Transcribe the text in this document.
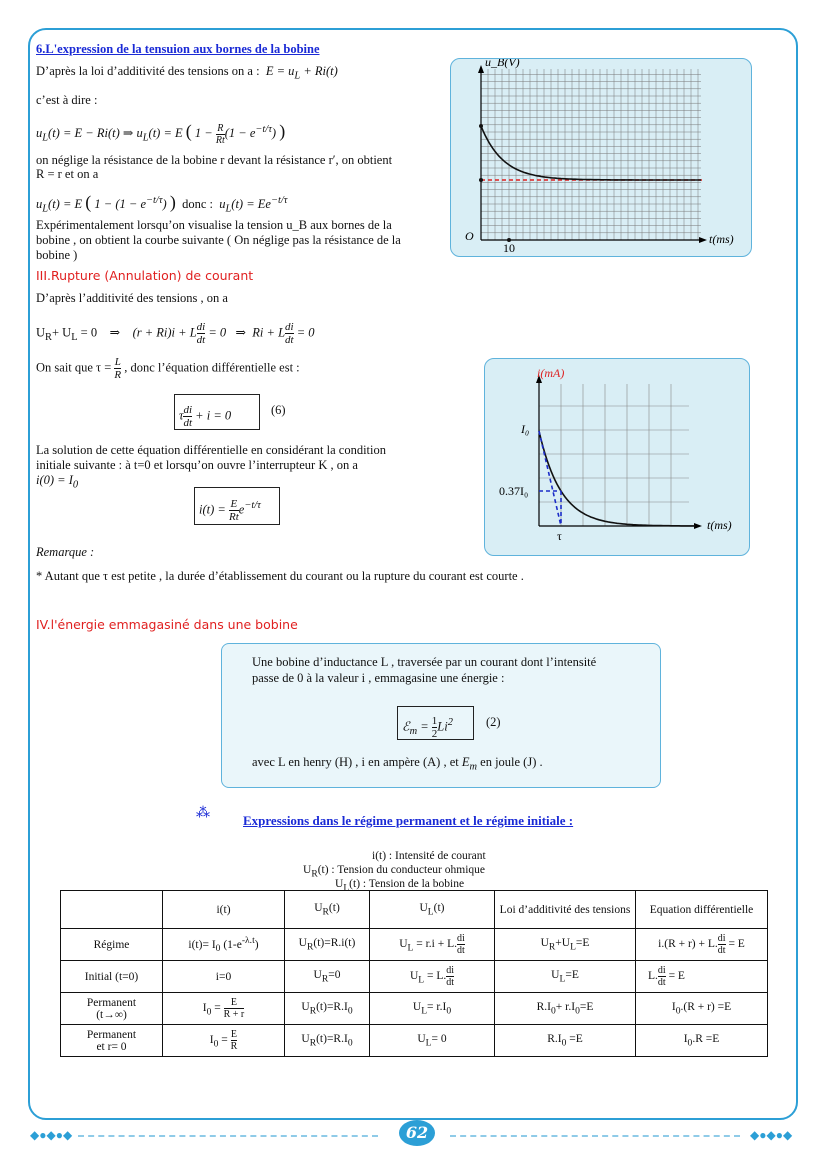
6.L'expression de la tensuion aux bornes de la bobine
D’après la loi d’additivité des tensions on a : $E = u_L + Ri(t)$
c’est à dire :
$u_L(t) = E - Ri(t)$ ⇒ $u_L(t) = E$ ( $1 - \frac{R}{Rt} (1 - e^{-t/\tau})$ )
on néglige la résistance de la bobine r devant la résistance r′, on obtient
R = r et on a
$u_L(t) = E$ ( $1 - (1 - e^{-t/\tau})$ )  donc :  $u_L(t) = Ee^{-t/\tau}$
Expérimentalement lorsqu’on visualise la tension u_B aux bornes de la
bobine , on obtient la courbe suivante ( On néglige pas la résistance de la
bobine )
u_B(V)
t(ms)
O
10
III.Rupture (Annulation) de courant
D’après l’additivité des tensions , on a
$U_R+ U_L = 0$    ⇒    (r + Ri)i + L $\frac{di}{dt} = 0$   ⇒  Ri + L $\frac{di}{dt} = 0$
On sait que $\tau = \frac{L}{R}$ , donc l’équation différentielle est :
τ $\frac{di}{dt} + i = 0$	(6)
La solution de cette équation différentielle en considérant la condition
initiale suivante : à t=0 et lorsqu’on ouvre l’interrupteur K , on a
$i(0) = I_0$
$i(t) = \frac{E}{Rt} e^{-t/\tau}$
i(mA)
t(ms)
I₀
0.37I₀
τ
Remarque :
* Autant que τ est petite , la durée d’établissement du courant ou la rupture du courant est courte .
IV.l'énergie emmagasiné dans une bobine
Une bobine d’inductance L , traversée par un courant dont l’intensité
passe de 0 à la valeur i , emmagasine une énergie :
ℰ$_m$ = $\frac{1}{2} Li^2$	(2)
avec L en henry (H) , i en ampère (A) , et $E_m$ en joule (J) .
⁂	Expressions dans le régime permanent et le régime initiale :
i(t) : Intensité de courant
$U_R(t)$ : Tension du conducteur ohmique
$U_L(t)$ : Tension de la bobine
	i(t)	$U_R(t)$	$U_L(t)$	Loi d’additivité des tensions	Equation différentielle
Régime	$i(t)= I_0$ $(1-e^{-\lambda.t})$	$U_R(t)=R.i(t)$	$U_L = r.i + L$. $\frac{di}{dt}$	$U_R+U_L=E$	i.(R + r) + L. $\frac{di}{dt} = E$
Initial (t=0)	i=0	$U_R=0$	$U_L = L$. $\frac{di}{dt}$	$U_L=E$	L. $\frac{di}{dt} = E$
Permanent
(t→∞)	$I_0 = \frac{E}{R + r}$	$U_R(t)=R.I_0$	$U_L= r.I_0$	$R.I_0+ r.I_0=E$	$I_0.(R + r) =E$
Permanent
et r= 0	$I_0 = \frac{E}{R}$	$U_R(t)=R.I_0$	$U_L= 0$	$R.I_0 =E$	$I_0.R =E$
◆●◆●◆	62	◆●◆●◆
